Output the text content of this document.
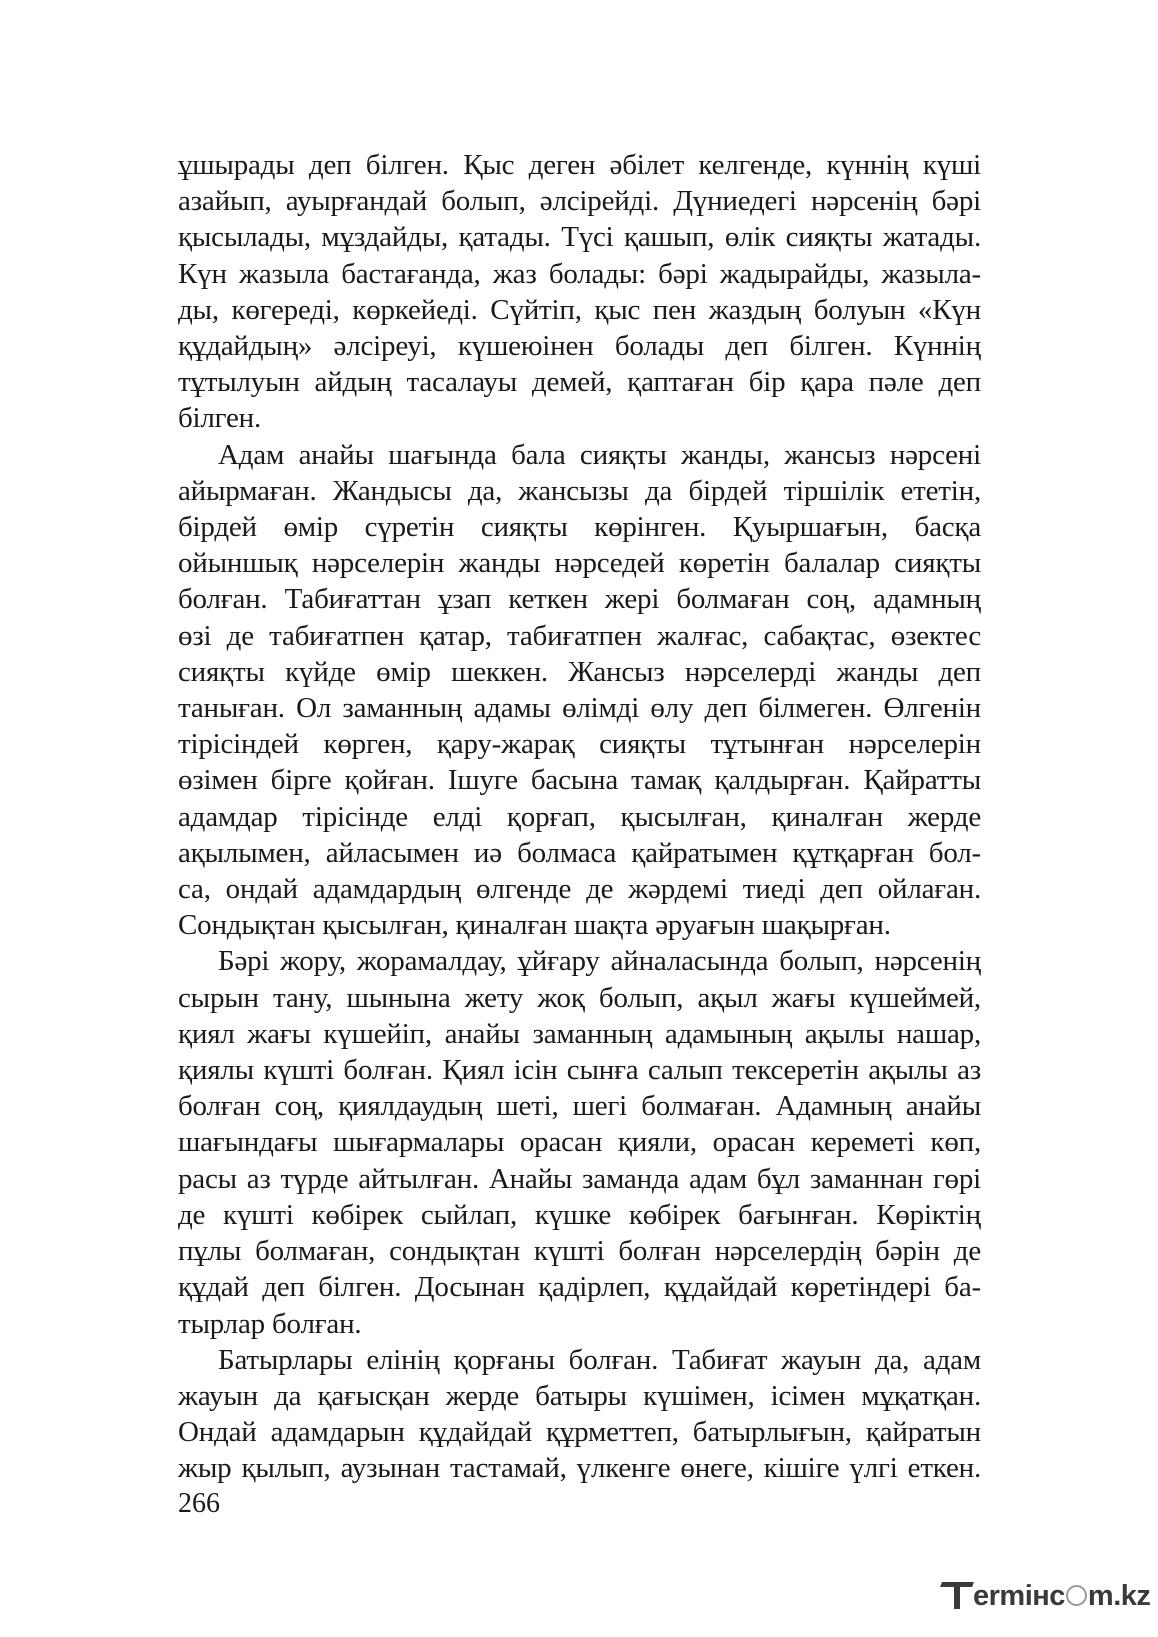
ұшырады деп білген. Қыс деген әбілет келгенде, күннің күші
азайып, ауырғандай болып, әлсірейді. Дүниедегі нәрсенің бәрі
қысылады, мұздайды, қатады. Түсі қашып, өлік сияқты жатады.
Күн жазыла бастағанда, жаз болады: бәрі жадырайды, жазыла-
ды, көгереді, көркейеді. Сүйтіп, қыс пен жаздың болуын «Күн
құдайдың» әлсіреуі, күшеюінен болады деп білген. Күннің
тұтылуын айдың тасалауы демей, қаптаған бір қара пәле деп
білген.
Адам анайы шағында бала сияқты жанды, жансыз нәрсені
айырмаған. Жандысы да, жансызы да бірдей тіршілік ететін,
бірдей өмір сүретін сияқты көрінген. Қуыршағын, басқа
ойыншық нәрселерін жанды нәрседей көретін балалар сияқты
болған. Табиғаттан ұзап кеткен жері болмаған соң, адамның
өзі де табиғатпен қатар, табиғатпен жалғас, сабақтас, өзектес
сияқты күйде өмір шеккен. Жансыз нәрселерді жанды деп
таныған. Ол заманның адамы өлімді өлу деп білмеген. Өлгенін
тірісіндей көрген, қару-жарақ сияқты тұтынған нәрселерін
өзімен бірге қойған. Ішуге басына тамақ қалдырған. Қайратты
адамдар тірісінде елді қорғап, қысылған, қиналған жерде
ақылымен, айласымен иә болмаса қайратымен құтқарған бол-
са, ондай адамдардың өлгенде де жәрдемі тиеді деп ойлаған.
Сондықтан қысылған, қиналған шақта әруағын шақырған.
Бәрі жору, жорамалдау, ұйғару айналасында болып, нәрсенің
сырын тану, шынына жету жоқ болып, ақыл жағы күшеймей,
қиял жағы күшейіп, анайы заманның адамының ақылы нашар,
қиялы күшті болған. Қиял ісін сынға салып тексеретін ақылы аз
болған соң, қиялдаудың шеті, шегі болмаған. Адамның анайы
шағындағы шығармалары орасан қияли, орасан кереметі көп,
расы аз түрде айтылған. Анайы заманда адам бұл заманнан гөрі
де күшті көбірек сыйлап, күшке көбірек бағынған. Көріктің
пұлы болмаған, сондықтан күшті болған нәрселердің бәрін де
құдай деп білген. Досынан қадірлеп, құдайдай көретіндері ба-
тырлар болған.
Батырлары елінің қорғаны болған. Табиғат жауын да, адам
жауын да қағысқан жерде батыры күшімен, ісімен мұқатқан.
Ондай адамдарын құдайдай құрметтеп, батырлығын, қайратын
жыр қылып, аузынан тастамай, үлкенге өнеге, кішіге үлгі еткен.
266
ermінc m.kz
